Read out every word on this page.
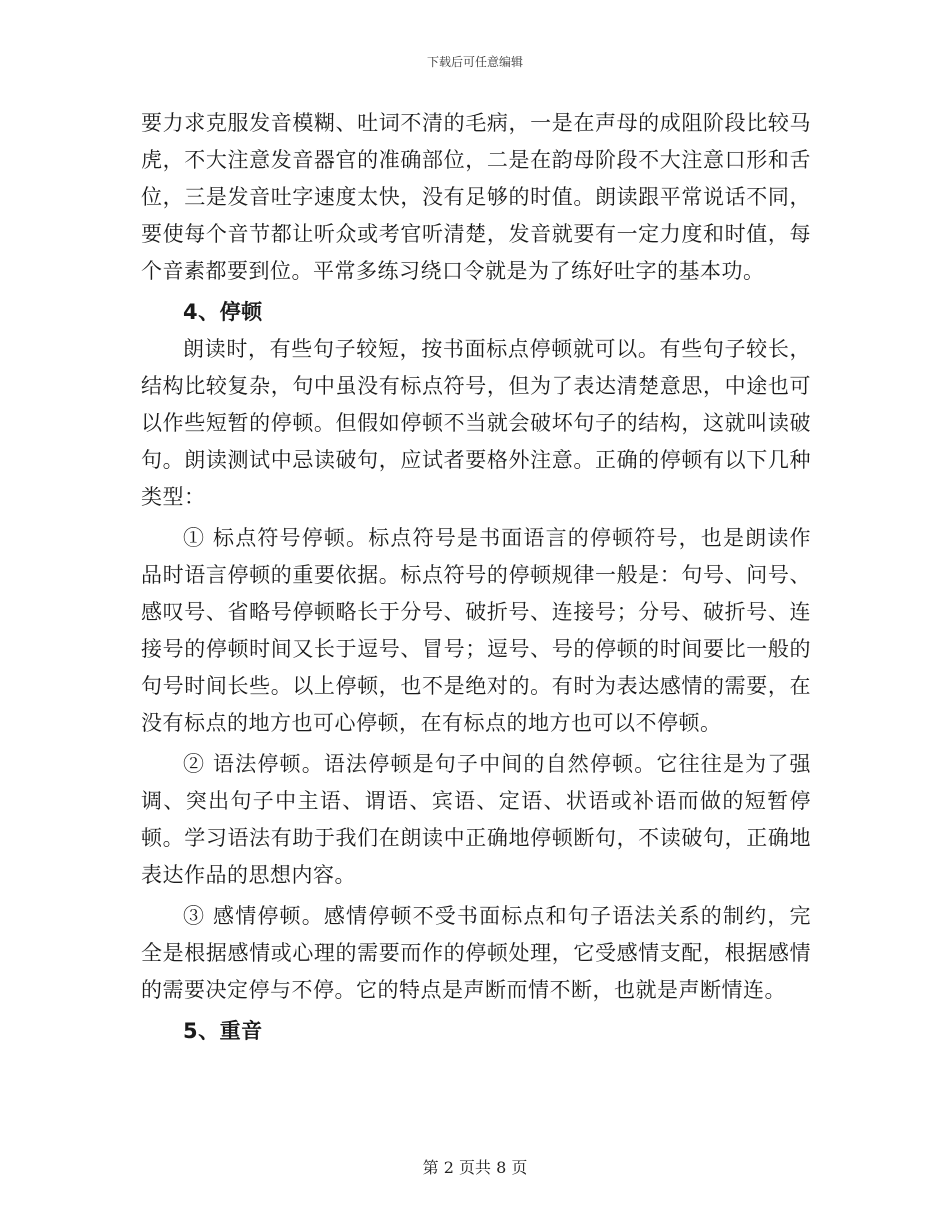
下载后可任意编辑

要力求克服发音模糊、吐词不清的毛病，一是在声母的成阻阶段比较马虎，不大注意发音器官的准确部位，二是在韵母阶段不大注意口形和舌位，三是发音吐字速度太快，没有足够的时值。朗读跟平常说话不同，要使每个音节都让听众或考官听清楚，发音就要有一定力度和时值，每个音素都要到位。平常多练习绕口令就是为了练好吐字的基本功。

4、停顿

朗读时，有些句子较短，按书面标点停顿就可以。有些句子较长，结构比较复杂，句中虽没有标点符号，但为了表达清楚意思，中途也可以作些短暂的停顿。但假如停顿不当就会破坏句子的结构，这就叫读破句。朗读测试中忌读破句，应试者要格外注意。正确的停顿有以下几种类型：

① 标点符号停顿。标点符号是书面语言的停顿符号，也是朗读作品时语言停顿的重要依据。标点符号的停顿规律一般是：句号、问号、感叹号、省略号停顿略长于分号、破折号、连接号；分号、破折号、连接号的停顿时间又长于逗号、冒号；逗号、号的停顿的时间要比一般的句号时间长些。以上停顿，也不是绝对的。有时为表达感情的需要，在没有标点的地方也可心停顿，在有标点的地方也可以不停顿。

② 语法停顿。语法停顿是句子中间的自然停顿。它往往是为了强调、突出句子中主语、谓语、宾语、定语、状语或补语而做的短暂停顿。学习语法有助于我们在朗读中正确地停顿断句，不读破句，正确地表达作品的思想内容。

③ 感情停顿。感情停顿不受书面标点和句子语法关系的制约，完全是根据感情或心理的需要而作的停顿处理，它受感情支配，根据感情的需要决定停与不停。它的特点是声断而情不断，也就是声断情连。

5、重音

第 2 页共 8 页
